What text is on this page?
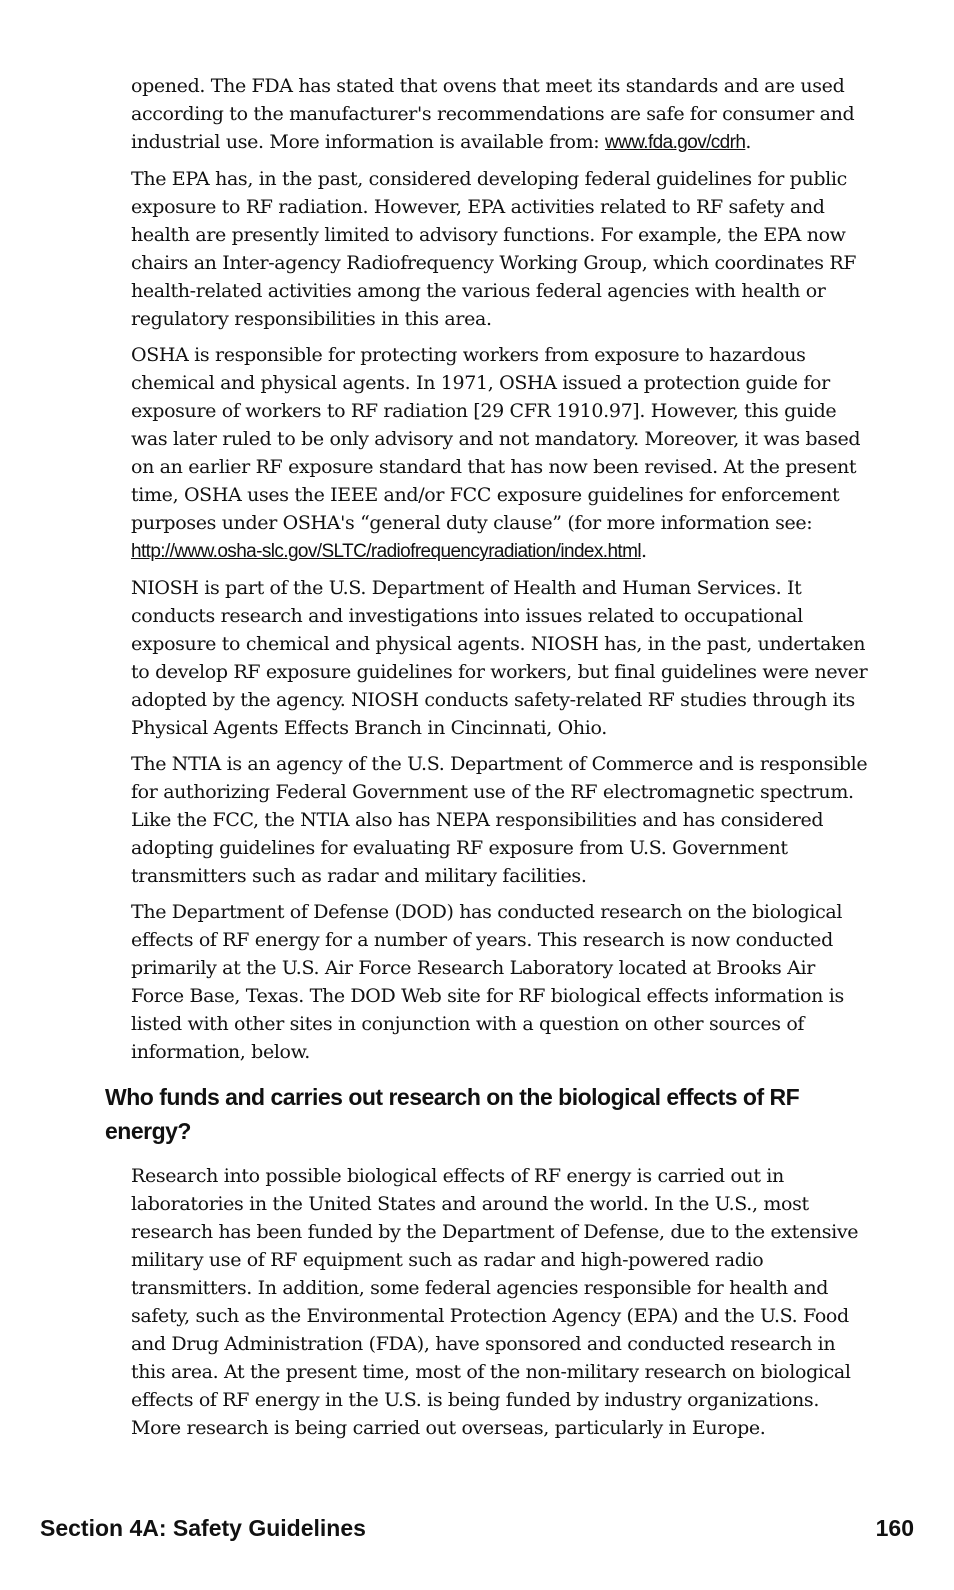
opened. The FDA has stated that ovens that meet its standards and are used according to the manufacturer's recommendations are safe for consumer and industrial use. More information is available from: www.fda.gov/cdrh.

The EPA has, in the past, considered developing federal guidelines for public exposure to RF radiation. However, EPA activities related to RF safety and health are presently limited to advisory functions. For example, the EPA now chairs an Inter-agency Radiofrequency Working Group, which coordinates RF health-related activities among the various federal agencies with health or regulatory responsibilities in this area.

OSHA is responsible for protecting workers from exposure to hazardous chemical and physical agents. In 1971, OSHA issued a protection guide for exposure of workers to RF radiation [29 CFR 1910.97]. However, this guide was later ruled to be only advisory and not mandatory. Moreover, it was based on an earlier RF exposure standard that has now been revised. At the present time, OSHA uses the IEEE and/or FCC exposure guidelines for enforcement purposes under OSHA's “general duty clause” (for more information see: http://www.osha-slc.gov/SLTC/radiofrequencyradiation/index.html.

NIOSH is part of the U.S. Department of Health and Human Services. It conducts research and investigations into issues related to occupational exposure to chemical and physical agents. NIOSH has, in the past, undertaken to develop RF exposure guidelines for workers, but final guidelines were never adopted by the agency. NIOSH conducts safety-related RF studies through its Physical Agents Effects Branch in Cincinnati, Ohio.

The NTIA is an agency of the U.S. Department of Commerce and is responsible for authorizing Federal Government use of the RF electromagnetic spectrum. Like the FCC, the NTIA also has NEPA responsibilities and has considered adopting guidelines for evaluating RF exposure from U.S. Government transmitters such as radar and military facilities.

The Department of Defense (DOD) has conducted research on the biological effects of RF energy for a number of years. This research is now conducted primarily at the U.S. Air Force Research Laboratory located at Brooks Air Force Base, Texas. The DOD Web site for RF biological effects information is listed with other sites in conjunction with a question on other sources of information, below.

Who funds and carries out research on the biological effects of RF energy?

Research into possible biological effects of RF energy is carried out in laboratories in the United States and around the world. In the U.S., most research has been funded by the Department of Defense, due to the extensive military use of RF equipment such as radar and high-powered radio transmitters. In addition, some federal agencies responsible for health and safety, such as the Environmental Protection Agency (EPA) and the U.S. Food and Drug Administration (FDA), have sponsored and conducted research in this area. At the present time, most of the non-military research on biological effects of RF energy in the U.S. is being funded by industry organizations. More research is being carried out overseas, particularly in Europe.

Section 4A: Safety Guidelines	160
